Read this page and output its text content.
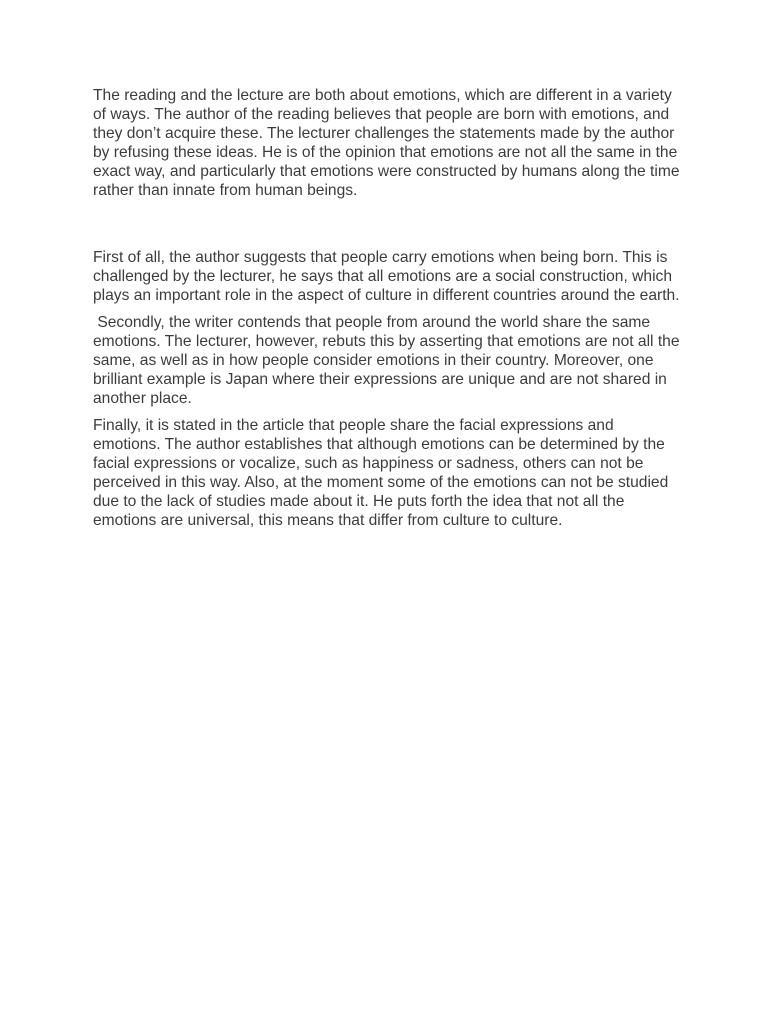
The reading and the lecture are both about emotions, which are different in a variety of ways. The author of the reading believes that people are born with emotions, and they don’t acquire these. The lecturer challenges the statements made by the author by refusing these ideas. He is of the opinion that emotions are not all the same in the exact way, and particularly that emotions were constructed by humans along the time rather than innate from human beings.

First of all, the author suggests that people carry emotions when being born. This is challenged by the lecturer, he says that all emotions are a social construction, which plays an important role in the aspect of culture in different countries around the earth.

Secondly, the writer contends that people from around the world share the same emotions. The lecturer, however, rebuts this by asserting that emotions are not all the same, as well as in how people consider emotions in their country. Moreover, one brilliant example is Japan where their expressions are unique and are not shared in another place.

Finally, it is stated in the article that people share the facial expressions and emotions. The author establishes that although emotions can be determined by the facial expressions or vocalize, such as happiness or sadness, others can not be perceived in this way. Also, at the moment some of the emotions can not be studied due to the lack of studies made about it. He puts forth the idea that not all the emotions are universal, this means that differ from culture to culture.
